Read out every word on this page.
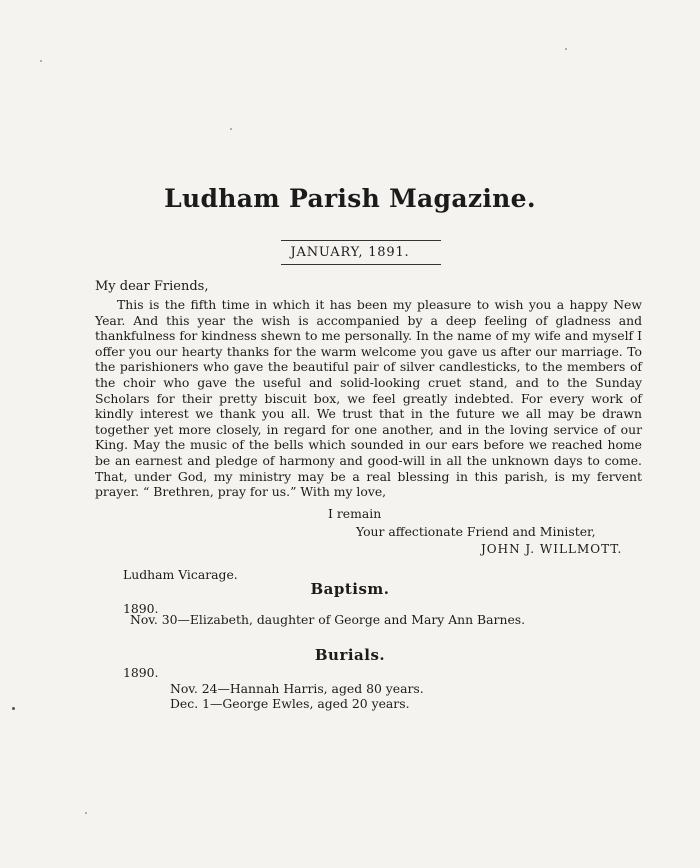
Ludham Parish Magazine.
JANUARY, 1891.
My dear Friends,

This is the fifth time in which it has been my pleasure to wish you a happy New Year. And this year the wish is accompanied by a deep feeling of gladness and thankfulness for kindness shewn to me personally. In the name of my wife and myself I offer you our hearty thanks for the warm welcome you gave us after our marriage. To the parishioners who gave the beautiful pair of silver candlesticks, to the members of the choir who gave the useful and solid-looking cruet stand, and to the Sunday Scholars for their pretty biscuit box, we feel greatly indebted. For every work of kindly interest we thank you all. We trust that in the future we all may be drawn together yet more closely, in regard for one another, and in the loving service of our King. May the music of the bells which sounded in our ears before we reached home be an earnest and pledge of harmony and good-will in all the unknown days to come. That, under God, my ministry may be a real blessing in this parish, is my fervent prayer. “ Brethren, pray for us.” With my love,

I remain
Your affectionate Friend and Minister,
JOHN J. WILLMOTT.
Ludham Vicarage.
Baptism.
1890.
Nov. 30—Elizabeth, daughter of George and Mary Ann Barnes.
Burials.
1890.
Nov. 24—Hannah Harris, aged 80 years.
Dec. 1—George Ewles, aged 20 years.
